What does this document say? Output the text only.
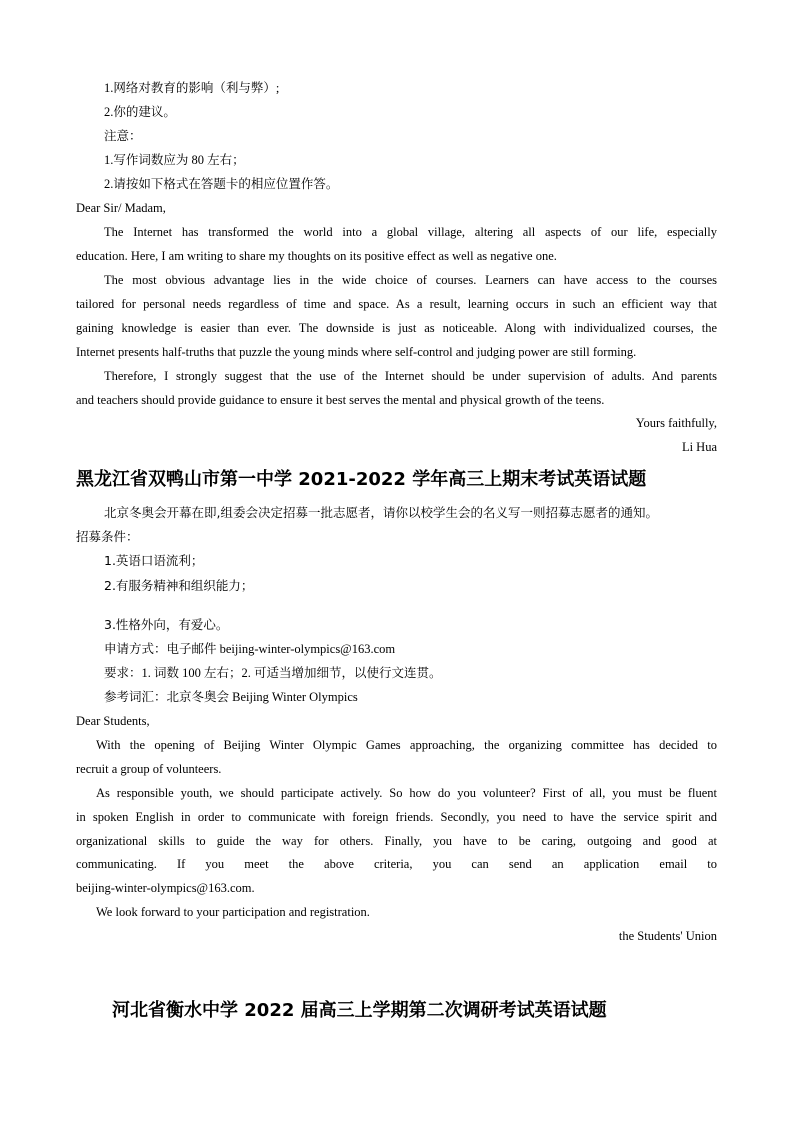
1.网络对教育的影响（利与弊）;

2.你的建议。

注意：

1.写作词数应为 80 左右；

2.请按如下格式在答题卡的相应位置作答。

Dear Sir/ Madam,

The Internet has transformed the world into a global village, altering all aspects of our life, especially

education. Here, I am writing to share my thoughts on its positive effect as well as negative one.

The most obvious advantage lies in the wide choice of courses. Learners can have access to the courses

tailored for personal needs regardless of time and space. As a result, learning occurs in such an efficient way that

gaining knowledge is easier than ever. The downside is just as noticeable. Along with individualized courses, the

Internet presents half-truths that puzzle the young minds where self-control and judging power are still forming.

Therefore, I strongly suggest that the use of the Internet should be under supervision of adults. And parents

and teachers should provide guidance to ensure it best serves the mental and physical growth of the teens.

Yours faithfully,

Li Hua

黑龙江省双鸭山市第一中学 2021-2022 学年高三上期末考试英语试题

北京冬奥会开幕在即,组委会决定招募一批志愿者，请你以校学生会的名义写一则招募志愿者的通知。

招募条件：

1.英语口语流利；

2.有服务精神和组织能力；

3.性格外向，有爱心。

申请方式：电子邮件 beijing-winter-olympics@163.com

要求：1. 词数 100 左右；2. 可适当增加细节，以使行文连贯。

参考词汇：北京冬奥会 Beijing Winter Olympics

Dear Students,

With the opening of Beijing Winter Olympic Games approaching, the organizing committee has decided to

recruit a group of volunteers.

As responsible youth, we should participate actively. So how do you volunteer? First of all, you must be fluent

in spoken English in order to communicate with foreign friends. Secondly, you need to have the service spirit and

organizational skills to guide the way for others. Finally, you have to be caring, outgoing and good at

communicating. If you meet the above criteria, you can send an application email to

beijing-winter-olympics@163.com.

We look forward to your participation and registration.

the Students' Union

河北省衡水中学 2022 届高三上学期第二次调研考试英语试题
